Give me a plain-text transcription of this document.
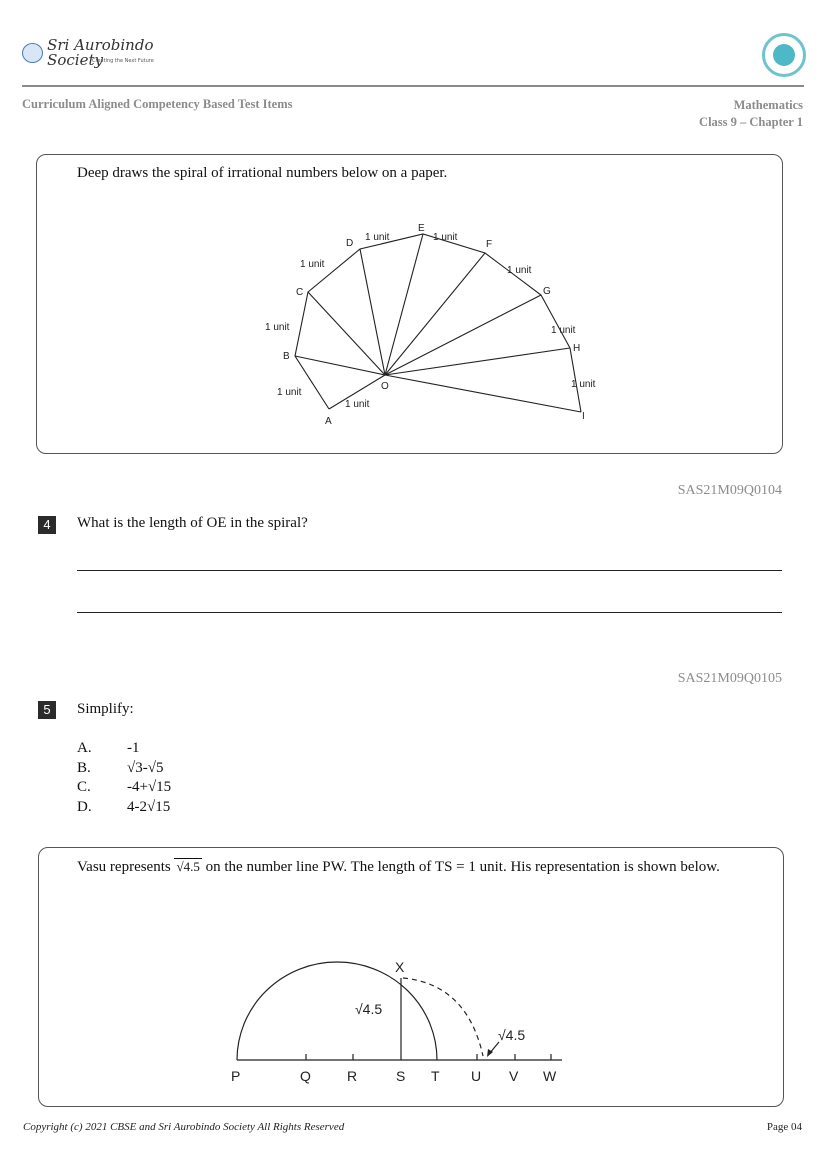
Sri Aurobindo Society
Creating the Next Future
Curriculum Aligned Competency Based Test Items	Mathematics
Class 9 – Chapter 1
Deep draws the spiral of irrational numbers below on a paper.
A
B
C
D
E
F
G
H
I
O
1 unit
1 unit
1 unit
1 unit
1 unit	1 unit
1 unit
1 unit
1 unit
SAS21M09Q0104
4	What is the length of OE in the spiral?
SAS21M09Q0105
5	Simplify:
A.	-1
B.	√3-√5
C.	-4+√15
D.	4-2√15
Vasu represents √4.5 on the number line PW. The length of TS = 1 unit. His representation is shown below.
P	Q	R	S T U V W
X
√4.5
√4.5
Copyright (c) 2021 CBSE and Sri Aurobindo Society All Rights Reserved	Page 04
